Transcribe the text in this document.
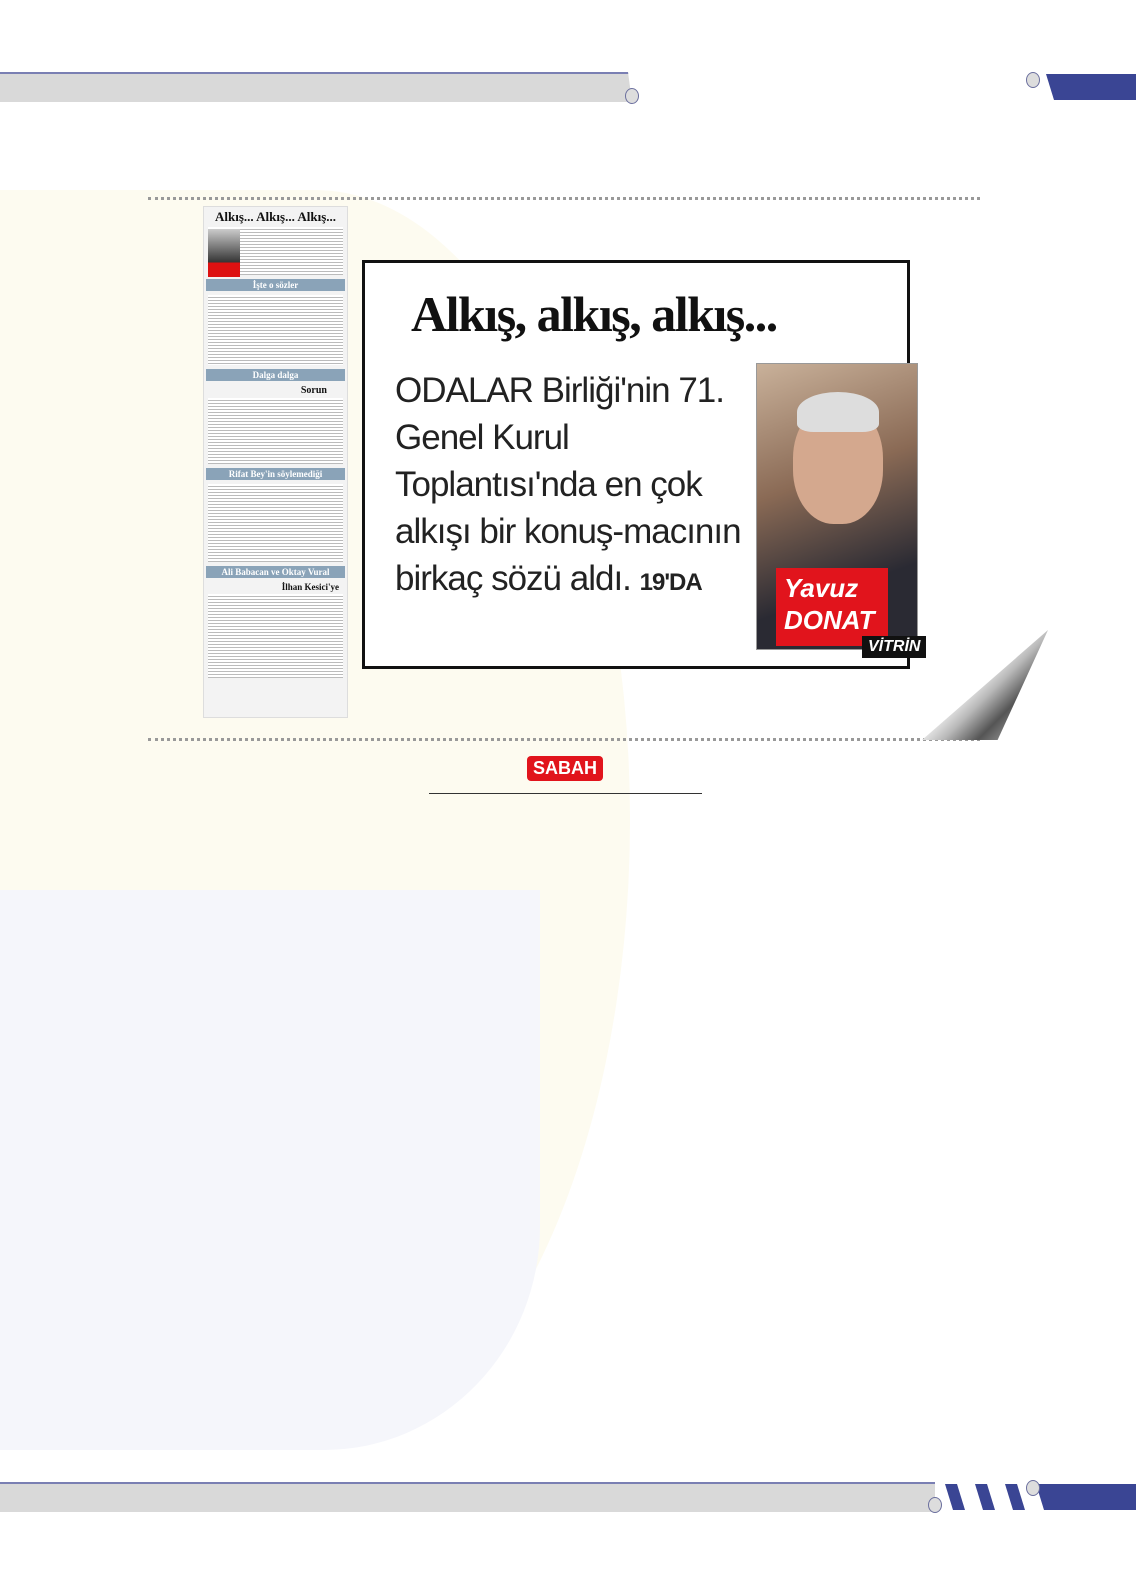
Alkış... Alkış... Alkış...
İşte o sözler
Dalga dalga
Sorun
Rifat Bey'in söylemediği
Ali Babacan ve Oktay Vural
İlhan Kesici'ye
Alkış, alkış, alkış...
ODALAR Birliği'nin 71. Genel Kurul Toplantısı'nda en çok alkışı bir konuş-macının birkaç sözü aldı. 19'DA	Yavuz
DONAT
VİTRİN
SABAH
